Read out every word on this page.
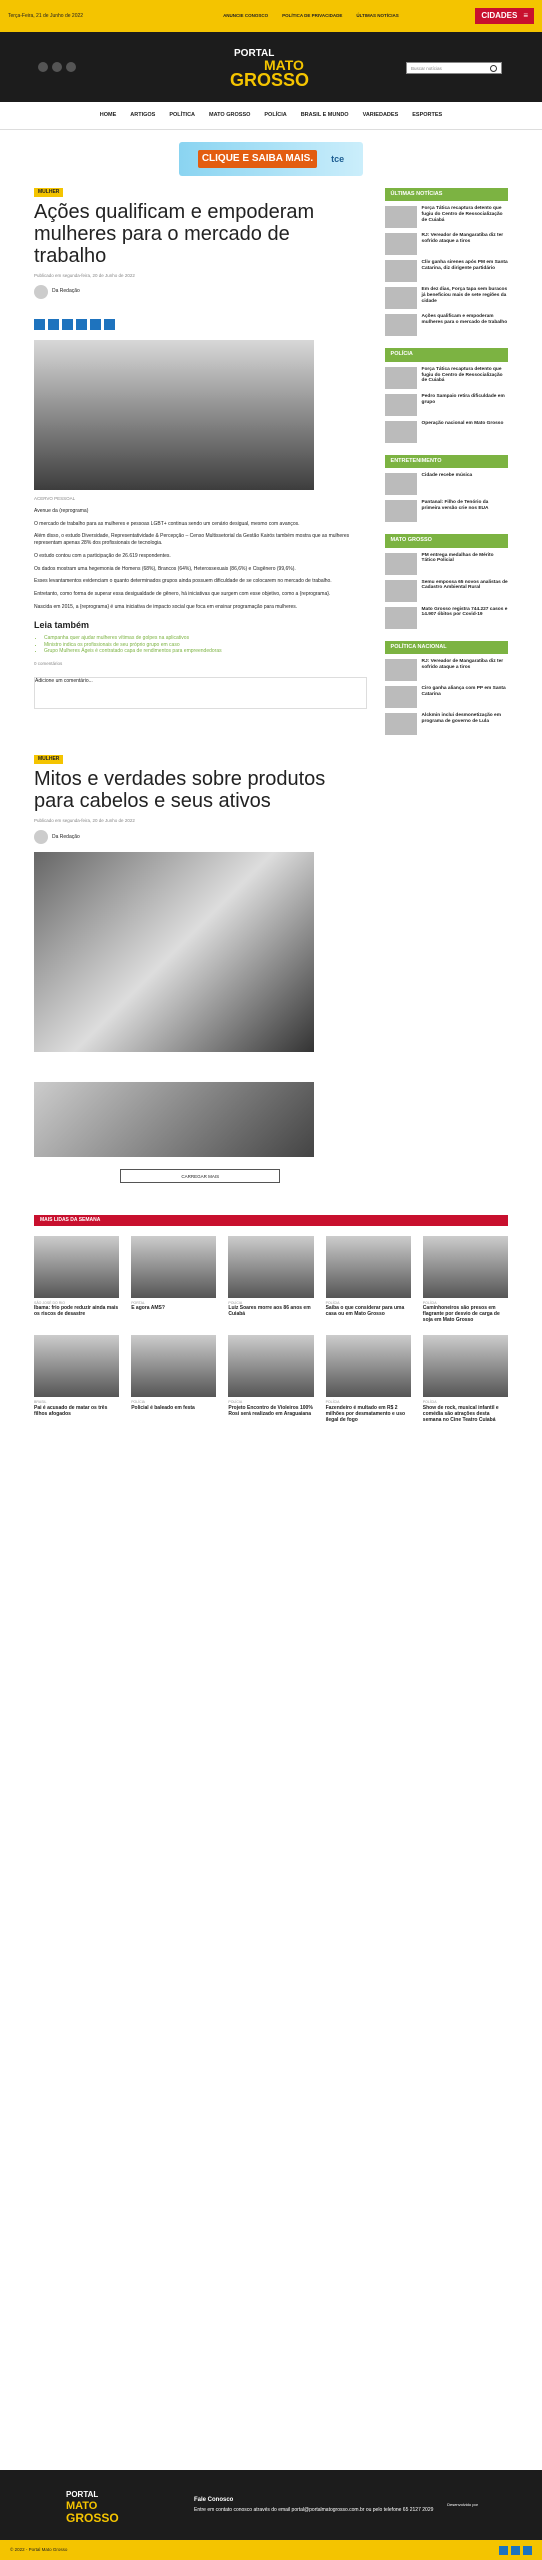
Terça-Feira, 21 de Junho de 2022	ANUNCIE CONOSCO	POLÍTICA DE PRIVACIDADE	ÚLTIMAS NOTÍCIAS	CIDADES ≡
PORTAL
MATO
GROSSO
Buscar notícias
HOME	ARTIGOS	POLÍTICA	MATO GROSSO	POLÍCIA	BRASIL E MUNDO	VARIEDADES	ESPORTES
CLIQUE E SAIBA MAIS.	tce
MULHER
Ações qualificam e empoderam mulheres para o mercado de trabalho
Publicado em segunda-feira, 20 de Junho de 2022
Da Redação
ACERVO PESSOAL

Avenue da (reprograma)

O mercado de trabalho para as mulheres e pessoas LGBT+ continua sendo um cenário desigual, mesmo com avanços.

Além disso, o estudo Diversidade, Representatividade & Percepção – Censo Multissetorial da Gestão Kairós também mostra que as mulheres representam apenas 28% dos profissionais de tecnologia.

O estudo contou com a participação de 26.619 respondentes.

Os dados mostram uma hegemonia de Homens (68%), Brancos (64%), Heterossexuais (86,6%) e Cisgênero (99,6%).

Esses levantamentos evidenciam o quanto determinados grupos ainda possuem dificuldade de se colocarem no mercado de trabalho.

Entretanto, como forma de superar essa desigualdade de gênero, há iniciativas que surgem com esse objetivo, como a {reprograma}.

Nascida em 2015, a {reprograma} é uma iniciativa de impacto social que foca em ensinar programação para mulheres.

Leia também
• Campanha quer ajudar mulheres vítimas de golpes na aplicativos
• Ministro indica os profissionais de seu próprio grupo em caso
• Grupo Mulheres Ágeis é contratado capa de rendimentos para empreendedoras
0 comentários
Adicione um comentário...
MULHER
Mitos e verdades sobre produtos para cabelos e seus ativos
Publicado em segunda-feira, 20 de Junho de 2022
Da Redação
CARREGAR MAIS
ÚLTIMAS NOTÍCIAS
Força Tática recaptura detento que fugiu do Centro de Ressocialização de Cuiabá
RJ: Vereador de Mangaratiba diz ter sofrido ataque a tiros
Cliv ganha sirenes após PM em Santa Catarina, diz dirigente partidário
Em dez dias, Força tapa sem buracos já beneficiou mais de sete regiões da cidade
Ações qualificam e empoderam mulheres para o mercado de trabalho
POLÍCIA
Força Tática recaptura detento que fugiu do Centro de Ressocialização de Cuiabá
Pedro Sampaio retira dificuldade em grupo
Operação nacional em Mato Grosso
ENTRETENIMENTO
Cidade recebe música
Pantanal: Filho de Tenório da primeira versão crie nos EUA
MATO GROSSO
PM entrega medalhas de Mérito Tático Policial
Semu empossa 65 novos analistas de Cadastro Ambiental Rural
Mato Grosso registra 744.227 casos e 14.907 óbitos por Covid-19
POLÍTICA NACIONAL
RJ: Vereador de Mangaratiba diz ter sofrido ataque a tiros
Ciro ganha aliança com PP em Santa Catarina
Alckmin inclui desmonetização em programa de governo de Lula
MAIS LIDAS DA SEMANA
SÃO JOSÉ DO RIO
Ibama: frio pode reduzir ainda mais os riscos de desastre
PORTAL
E agora AMS?
POLÍCIA
Luiz Soares morre aos 86 anos em Cuiabá
POLÍCIA
Saiba o que considerar para uma casa ou em Mato Grosso
POLÍCIA
Caminhoneiros são presos em flagrante por desvio de carga de soja em Mato Grosso
BRASIL
Pai é acusado de matar os três filhos afogados
POLÍCIA
Policial é baleado em festa
POLÍCIA
Projeto Encontro de Violeiros 100% Rosi será realizado em Araguaiana
POLÍCIA
Fazendeiro é multado em R$ 2 milhões por desmatamento e uso ilegal de fogo
POLÍCIA
Show de rock, musical infantil e comédia são atrações desta semana no Cine Teatro Cuiabá
PORTAL
MATO
GROSSO
Fale Conosco
Entre em contato conosco através do email portal@portalmatogrosso.com.br ou pelo telefone 65 2127 2029
Desenvolvido por
© 2022 - Portal Mato Grosso
